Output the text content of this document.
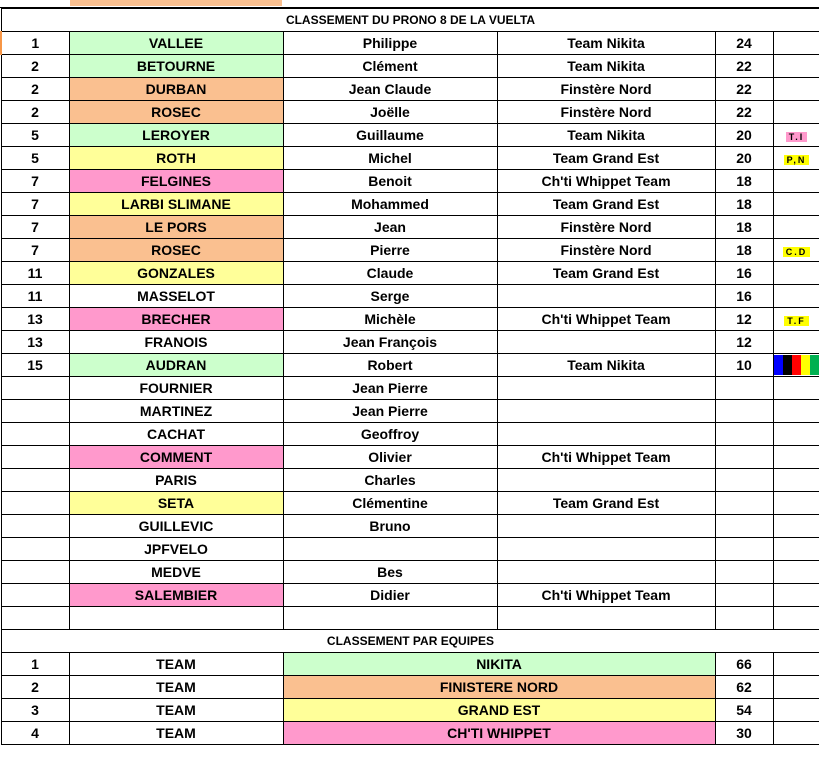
CLASSEMENT DU PRONO 8 DE LA VUELTA					
1	VALLEE	Philippe	Team Nikita	24	
2	BETOURNE	Clément	Team Nikita	22	
2	DURBAN	Jean Claude	Finstère Nord	22	
2	ROSEC	Joëlle	Finstère Nord	22	
5	LEROYER	Guillaume	Team Nikita	20	T.I
5	ROTH	Michel	Team Grand Est	20	P,N
7	FELGINES	Benoit	Ch'ti Whippet Team	18	
7	LARBI SLIMANE	Mohammed	Team Grand Est	18	
7	LE PORS	Jean	Finstère Nord	18	
7	ROSEC	Pierre	Finstère Nord	18	C.D
11	GONZALES	Claude	Team Grand Est	16	
11	MASSELOT	Serge		16	
13	BRECHER	Michèle	Ch'ti Whippet Team	12	T.F
13	FRANOIS	Jean François		12	
15	AUDRAN	Robert	Team Nikita	10	

	FOURNIER	Jean Pierre			
	MARTINEZ	Jean Pierre			
	CACHAT	Geoffroy			
	COMMENT	Olivier	Ch'ti Whippet Team		
	PARIS	Charles			
	SETA	Clémentine	Team Grand Est		
	GUILLEVIC	Bruno			
	JPFVELO				
	MEDVE	Bes			
	SALEMBIER	Didier	Ch'ti Whippet Team		

CLASSEMENT PAR EQUIPES					
1	TEAM	NIKITA		66	
2	TEAM	FINISTERE NORD		62	
3	TEAM	GRAND EST		54	
4	TEAM	CH'TI WHIPPET		30	
